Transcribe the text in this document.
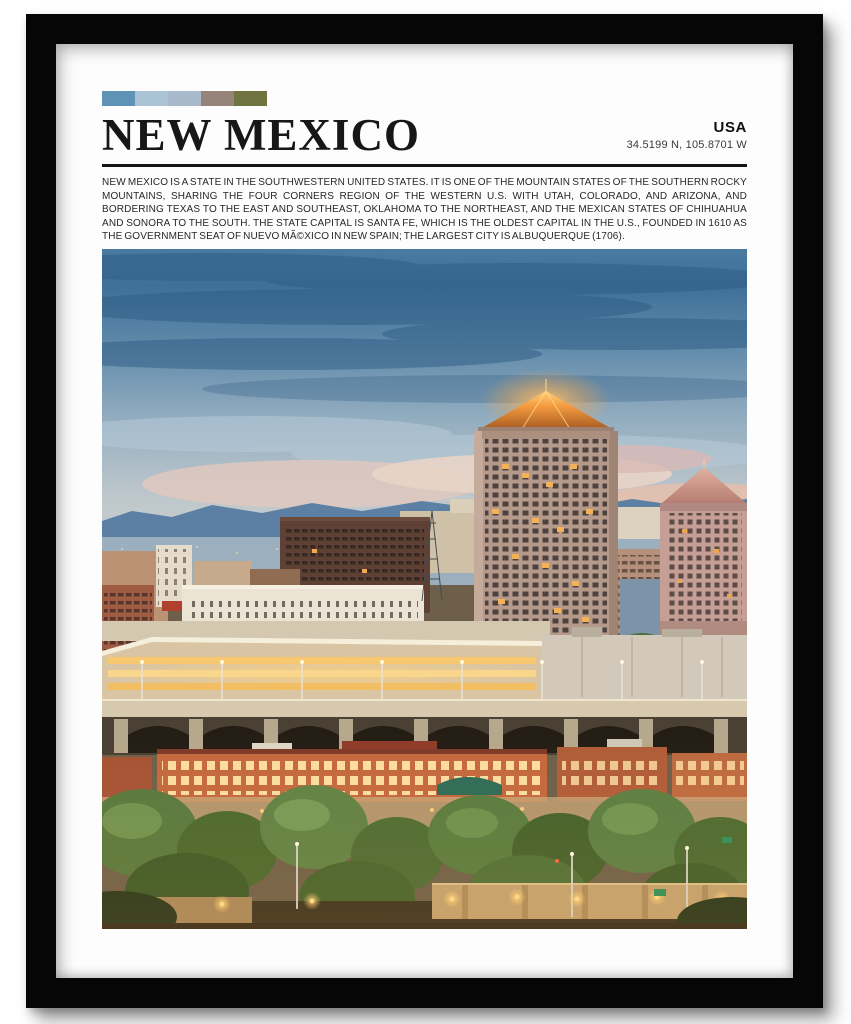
NEW MEXICO	USA
34.5199 N, 105.8701 W

NEW MEXICO IS A STATE IN THE SOUTHWESTERN UNITED STATES. IT IS ONE OF THE MOUNTAIN STATES OF THE SOUTHERN ROCKY MOUNTAINS, SHARING THE FOUR CORNERS REGION OF THE WESTERN U.S. WITH UTAH, COLORADO, AND ARIZONA, AND BORDERING TEXAS TO THE EAST AND SOUTHEAST, OKLAHOMA TO THE NORTHEAST, AND THE MEXICAN STATES OF CHIHUAHUA AND SONORA TO THE SOUTH. THE STATE CAPITAL IS SANTA FE, WHICH IS THE OLDEST CAPITAL IN THE U.S., FOUNDED IN 1610 AS THE GOVERNMENT SEAT OF NUEVO MÃ©XICO IN NEW SPAIN; THE LARGEST CITY IS ALBUQUERQUE (1706).
